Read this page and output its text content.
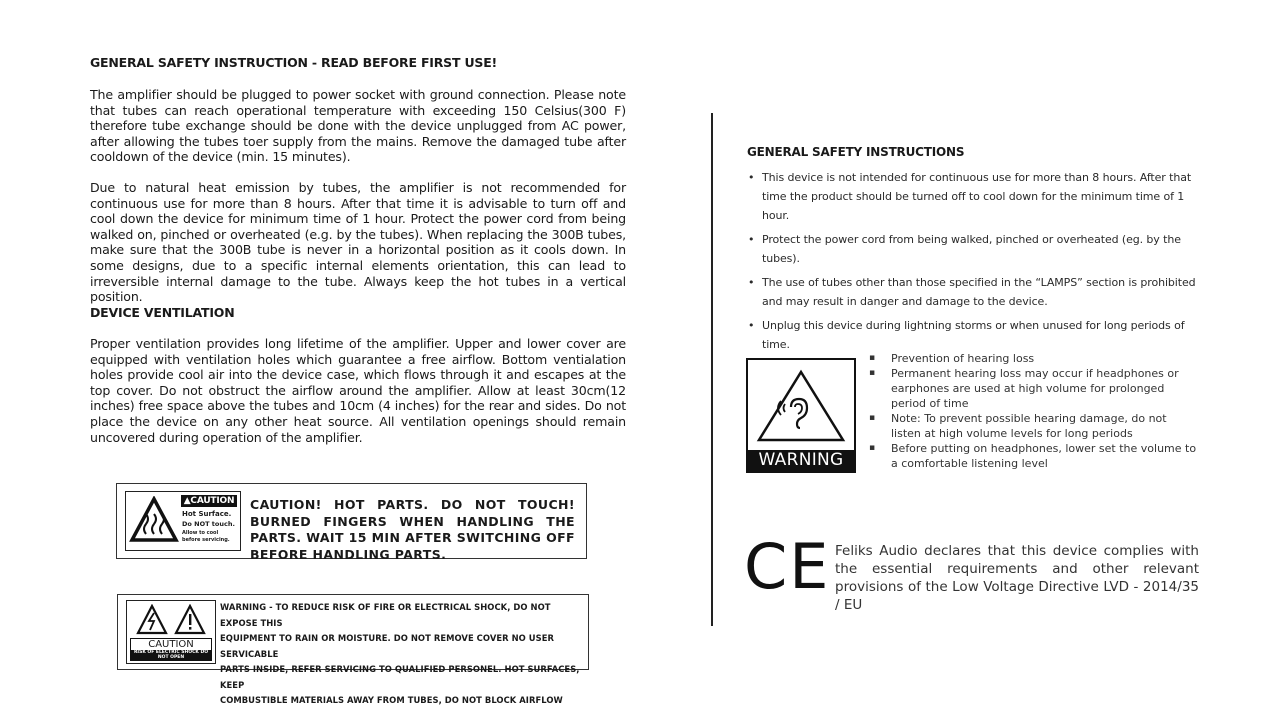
GENERAL SAFETY INSTRUCTION - READ BEFORE FIRST USE!
The amplifier should be plugged to power socket with ground connection. Please note that tubes can reach operational temperature with exceeding 150 Celsius(300 F) therefore tube exchange should be done with the device unplugged from AC power, after allowing the tubes toer supply from the mains. Remove the damaged tube after cooldown of the device (min. 15 minutes).
Due to natural heat emission by tubes, the amplifier is not recommended for continuous use for more than 8 hours. After that time it is advisable to turn off and cool down the device for minimum time of 1 hour. Protect the power cord from being walked on, pinched or overheated (e.g. by the tubes). When replacing the 300B tubes, make sure that the 300B tube is never in a horizontal position as it cools down. In some designs, due to a specific internal elements orientation, this can lead to irreversible internal damage to the tube. Always keep the hot tubes in a vertical position.
DEVICE VENTILATION
Proper ventilation provides long lifetime of the amplifier. Upper and lower cover are equipped with ventilation holes which guarantee a free airflow. Bottom ventialation holes provide cool air into the device case, which flows through it and escapes at the top cover. Do not obstruct the airflow around the amplifier. Allow at least 30cm(12 inches) free space above the tubes and 10cm (4 inches) for the rear and sides. Do not place the device on any other heat source. All ventilation openings should remain uncovered during operation of the amplifier.
▲CAUTION
Hot Surface.
Do NOT touch.
Allow to cool before servicing.
CAUTION! HOT PARTS. DO NOT TOUCH! BURNED FINGERS WHEN HANDLING THE PARTS. WAIT 15 MIN AFTER SWITCHING OFF BEFORE HANDLING PARTS.
CAUTION
RISK OF ELECTRIC SHOCK DO NOT OPEN
WARNING - TO REDUCE RISK OF FIRE OR ELECTRICAL SHOCK, DO NOT EXPOSE THIS
EQUIPMENT TO RAIN OR MOISTURE. DO NOT REMOVE COVER NO USER SERVICABLE
PARTS INSIDE, REFER SERVICING TO QUALIFIED PERSONEL. HOT SURFACES, KEEP
COMBUSTIBLE MATERIALS AWAY FROM TUBES, DO NOT BLOCK AIRFLOW
GENERAL SAFETY INSTRUCTIONS
• This device is not intended for continuous use for more than 8 hours. After that time the product should be turned off to cool down for the minimum time of 1 hour.
• Protect the power cord from being walked, pinched or overheated (eg. by the tubes).
• The use of tubes other than those specified in the “LAMPS” section is prohibited and may result in danger and damage to the device.
• Unplug this device during lightning storms or when unused for long periods of time.
WARNING
▪ Prevention of hearing loss
▪ Permanent hearing loss may occur if headphones or earphones are used at high volume for prolonged period of time
▪ Note: To prevent possible hearing damage, do not listen at high volume levels for long periods
▪ Before putting on headphones, lower set the volume to a comfortable listening level
CE Feliks Audio declares that this device complies with the essential requirements and other relevant provisions of the Low Voltage Directive LVD - 2014/35 / EU
